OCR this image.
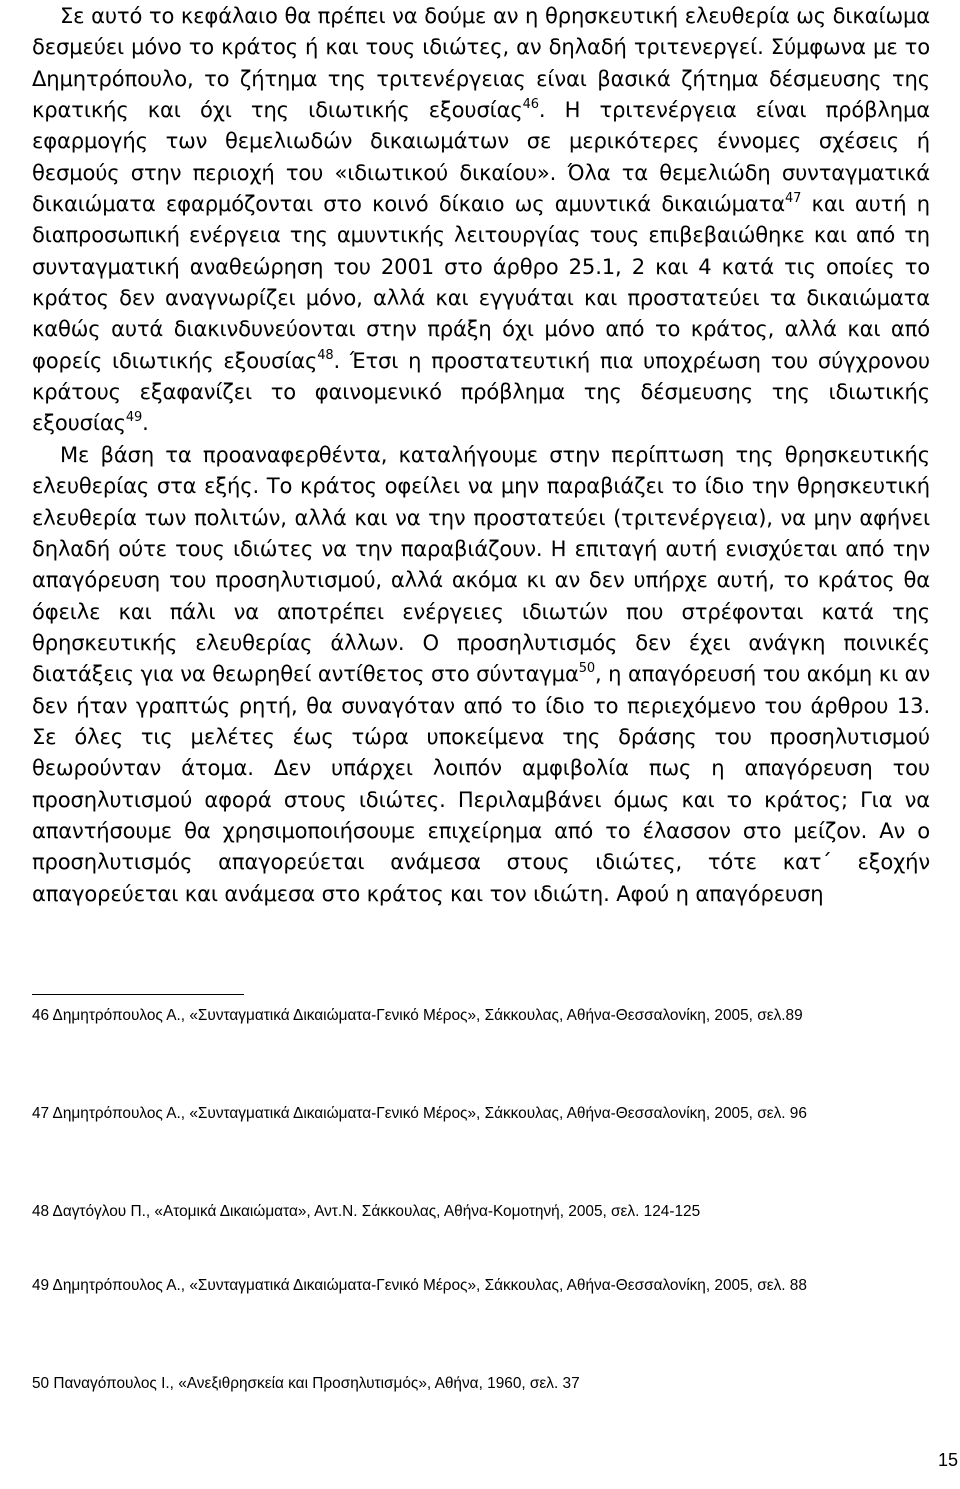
Σε αυτό το κεφάλαιο θα πρέπει να δούμε αν η θρησκευτική ελευθερία ως δικαίωμα δεσμεύει μόνο το κράτος ή και τους ιδιώτες, αν δηλαδή τριτενεργεί. Σύμφωνα με το Δημητρόπουλο, το ζήτημα της τριτενέργειας είναι βασικά ζήτημα δέσμευσης της κρατικής και όχι της ιδιωτικής εξουσίας$^{46}$. Η τριτενέργεια είναι πρόβλημα εφαρμογής των θεμελιωδών δικαιωμάτων σε μερικότερες έννομες σχέσεις ή θεσμούς στην περιοχή του «ιδιωτικού δικαίου». Όλα τα θεμελιώδη συνταγματικά δικαιώματα εφαρμόζονται στο κοινό δίκαιο ως αμυντικά δικαιώματα$^{47}$ και αυτή η διαπροσωπική ενέργεια της αμυντικής λειτουργίας τους επιβεβαιώθηκε και από τη συνταγματική αναθεώρηση του 2001 στο άρθρο 25.1, 2 και 4 κατά τις οποίες το κράτος δεν αναγνωρίζει μόνο, αλλά και εγγυάται και προστατεύει τα δικαιώματα καθώς αυτά διακινδυνεύονται στην πράξη όχι μόνο από το κράτος, αλλά και από φορείς ιδιωτικής εξουσίας$^{48}$. Έτσι η προστατευτική πια υποχρέωση του σύγχρονου κράτους εξαφανίζει το φαινομενικό πρόβλημα της δέσμευσης της ιδιωτικής εξουσίας$^{49}$.

Με βάση τα προαναφερθέντα, καταλήγουμε στην περίπτωση της θρησκευτικής ελευθερίας στα εξής. Το κράτος οφείλει να μην παραβιάζει το ίδιο την θρησκευτική ελευθερία των πολιτών, αλλά και να την προστατεύει (τριτενέργεια), να μην αφήνει δηλαδή ούτε τους ιδιώτες να την παραβιάζουν. Η επιταγή αυτή ενισχύεται από την απαγόρευση του προσηλυτισμού, αλλά ακόμα κι αν δεν υπήρχε αυτή, το κράτος θα όφειλε και πάλι να αποτρέπει ενέργειες ιδιωτών που στρέφονται κατά της θρησκευτικής ελευθερίας άλλων. Ο προσηλυτισμός δεν έχει ανάγκη ποινικές διατάξεις για να θεωρηθεί αντίθετος στο σύνταγμα$^{50}$, η απαγόρευσή του ακόμη κι αν δεν ήταν γραπτώς ρητή, θα συναγόταν από το ίδιο το περιεχόμενο του άρθρου 13. Σε όλες τις μελέτες έως τώρα υποκείμενα της δράσης του προσηλυτισμού θεωρούνταν άτομα. Δεν υπάρχει λοιπόν αμφιβολία πως η απαγόρευση του προσηλυτισμού αφορά στους ιδιώτες. Περιλαμβάνει όμως και το κράτος; Για να απαντήσουμε θα χρησιμοποιήσουμε επιχείρημα από το έλασσον στο μείζον. Αν ο προσηλυτισμός απαγορεύεται ανάμεσα στους ιδιώτες, τότε κατ΄ εξοχήν απαγορεύεται και ανάμεσα στο κράτος και τον ιδιώτη. Αφού η απαγόρευση

46 Δημητρόπουλος Α., «Συνταγματικά Δικαιώματα-Γενικό Μέρος», Σάκκουλας, Αθήνα-Θεσσαλονίκη, 2005, σελ.89

47 Δημητρόπουλος Α., «Συνταγματικά Δικαιώματα-Γενικό Μέρος», Σάκκουλας, Αθήνα-Θεσσαλονίκη, 2005, σελ. 96

48 Δαγτόγλου Π., «Ατομικά Δικαιώματα», Αντ.Ν. Σάκκουλας, Αθήνα-Κομοτηνή, 2005, σελ. 124-125

49 Δημητρόπουλος Α., «Συνταγματικά Δικαιώματα-Γενικό Μέρος», Σάκκουλας, Αθήνα-Θεσσαλονίκη, 2005, σελ. 88

50 Παναγόπουλος Ι., «Ανεξιθρησκεία και Προσηλυτισμός», Αθήνα, 1960, σελ. 37

15
